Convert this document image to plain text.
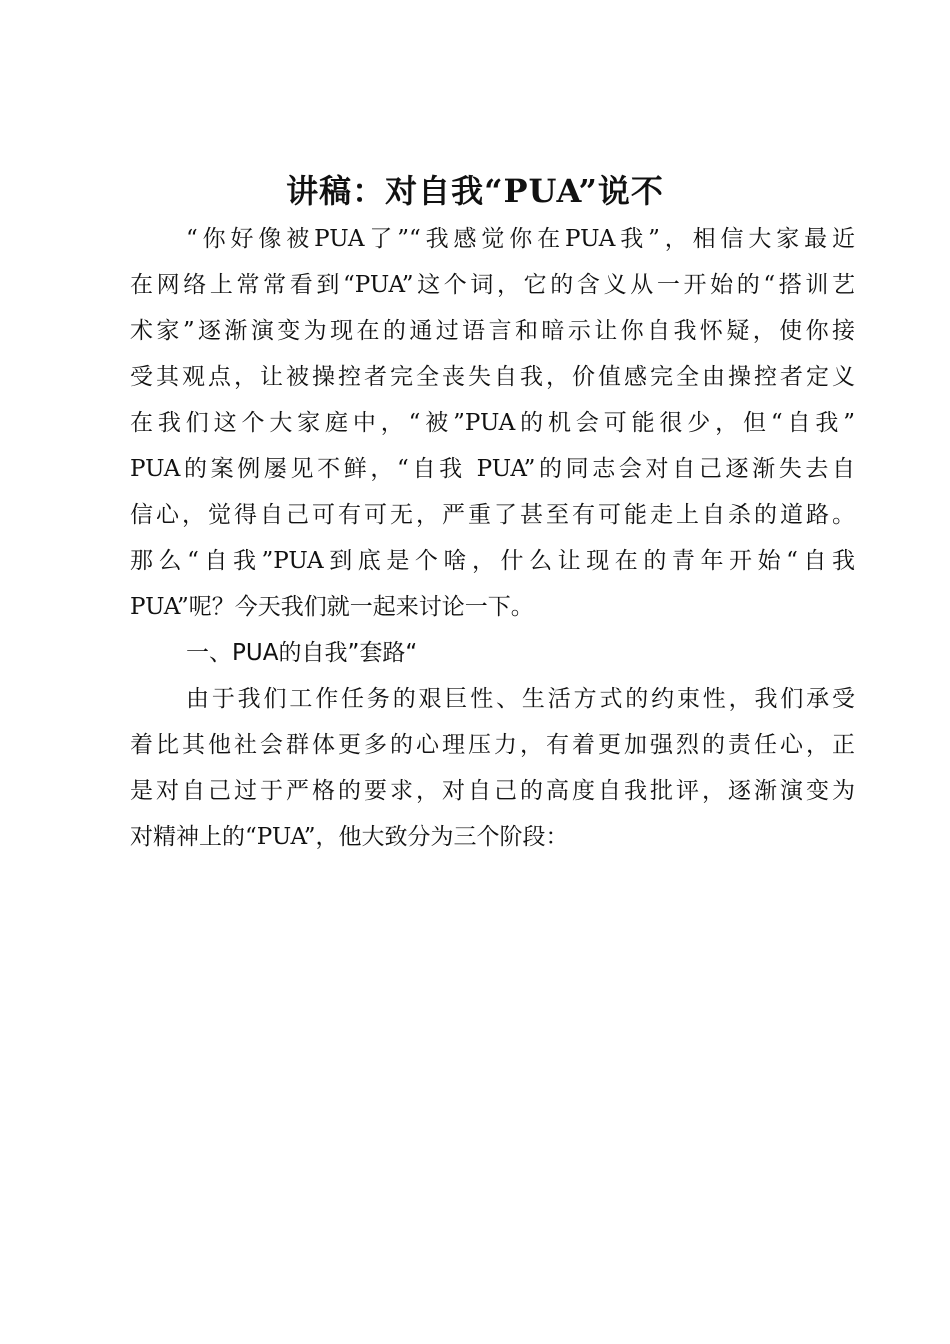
讲稿：对自我“PUA”说不
“你好像被PUA了”“我感觉你在PUA我”，相信大家最近
在网络上常常看到“PUA”这个词，它的含义从一开始的“搭训艺
术家”逐渐演变为现在的通过语言和暗示让你自我怀疑，使你接
受其观点，让被操控者完全丧失自我，价值感完全由操控者定义
在我们这个大家庭中，“被”PUA的机会可能很少，但“自我”
PUA的案例屡见不鲜，“自我 PUA”的同志会对自己逐渐失去自
信心，觉得自己可有可无，严重了甚至有可能走上自杀的道路。
那么“自我”PUA到底是个啥，什么让现在的青年开始“自我
PUA”呢？今天我们就一起来讨论一下。
一、PUA的自我”套路“
由于我们工作任务的艰巨性、生活方式的约束性，我们承受
着比其他社会群体更多的心理压力，有着更加强烈的责任心，正
是对自己过于严格的要求，对自己的高度自我批评，逐渐演变为
对精神上的“PUA”，他大致分为三个阶段：
